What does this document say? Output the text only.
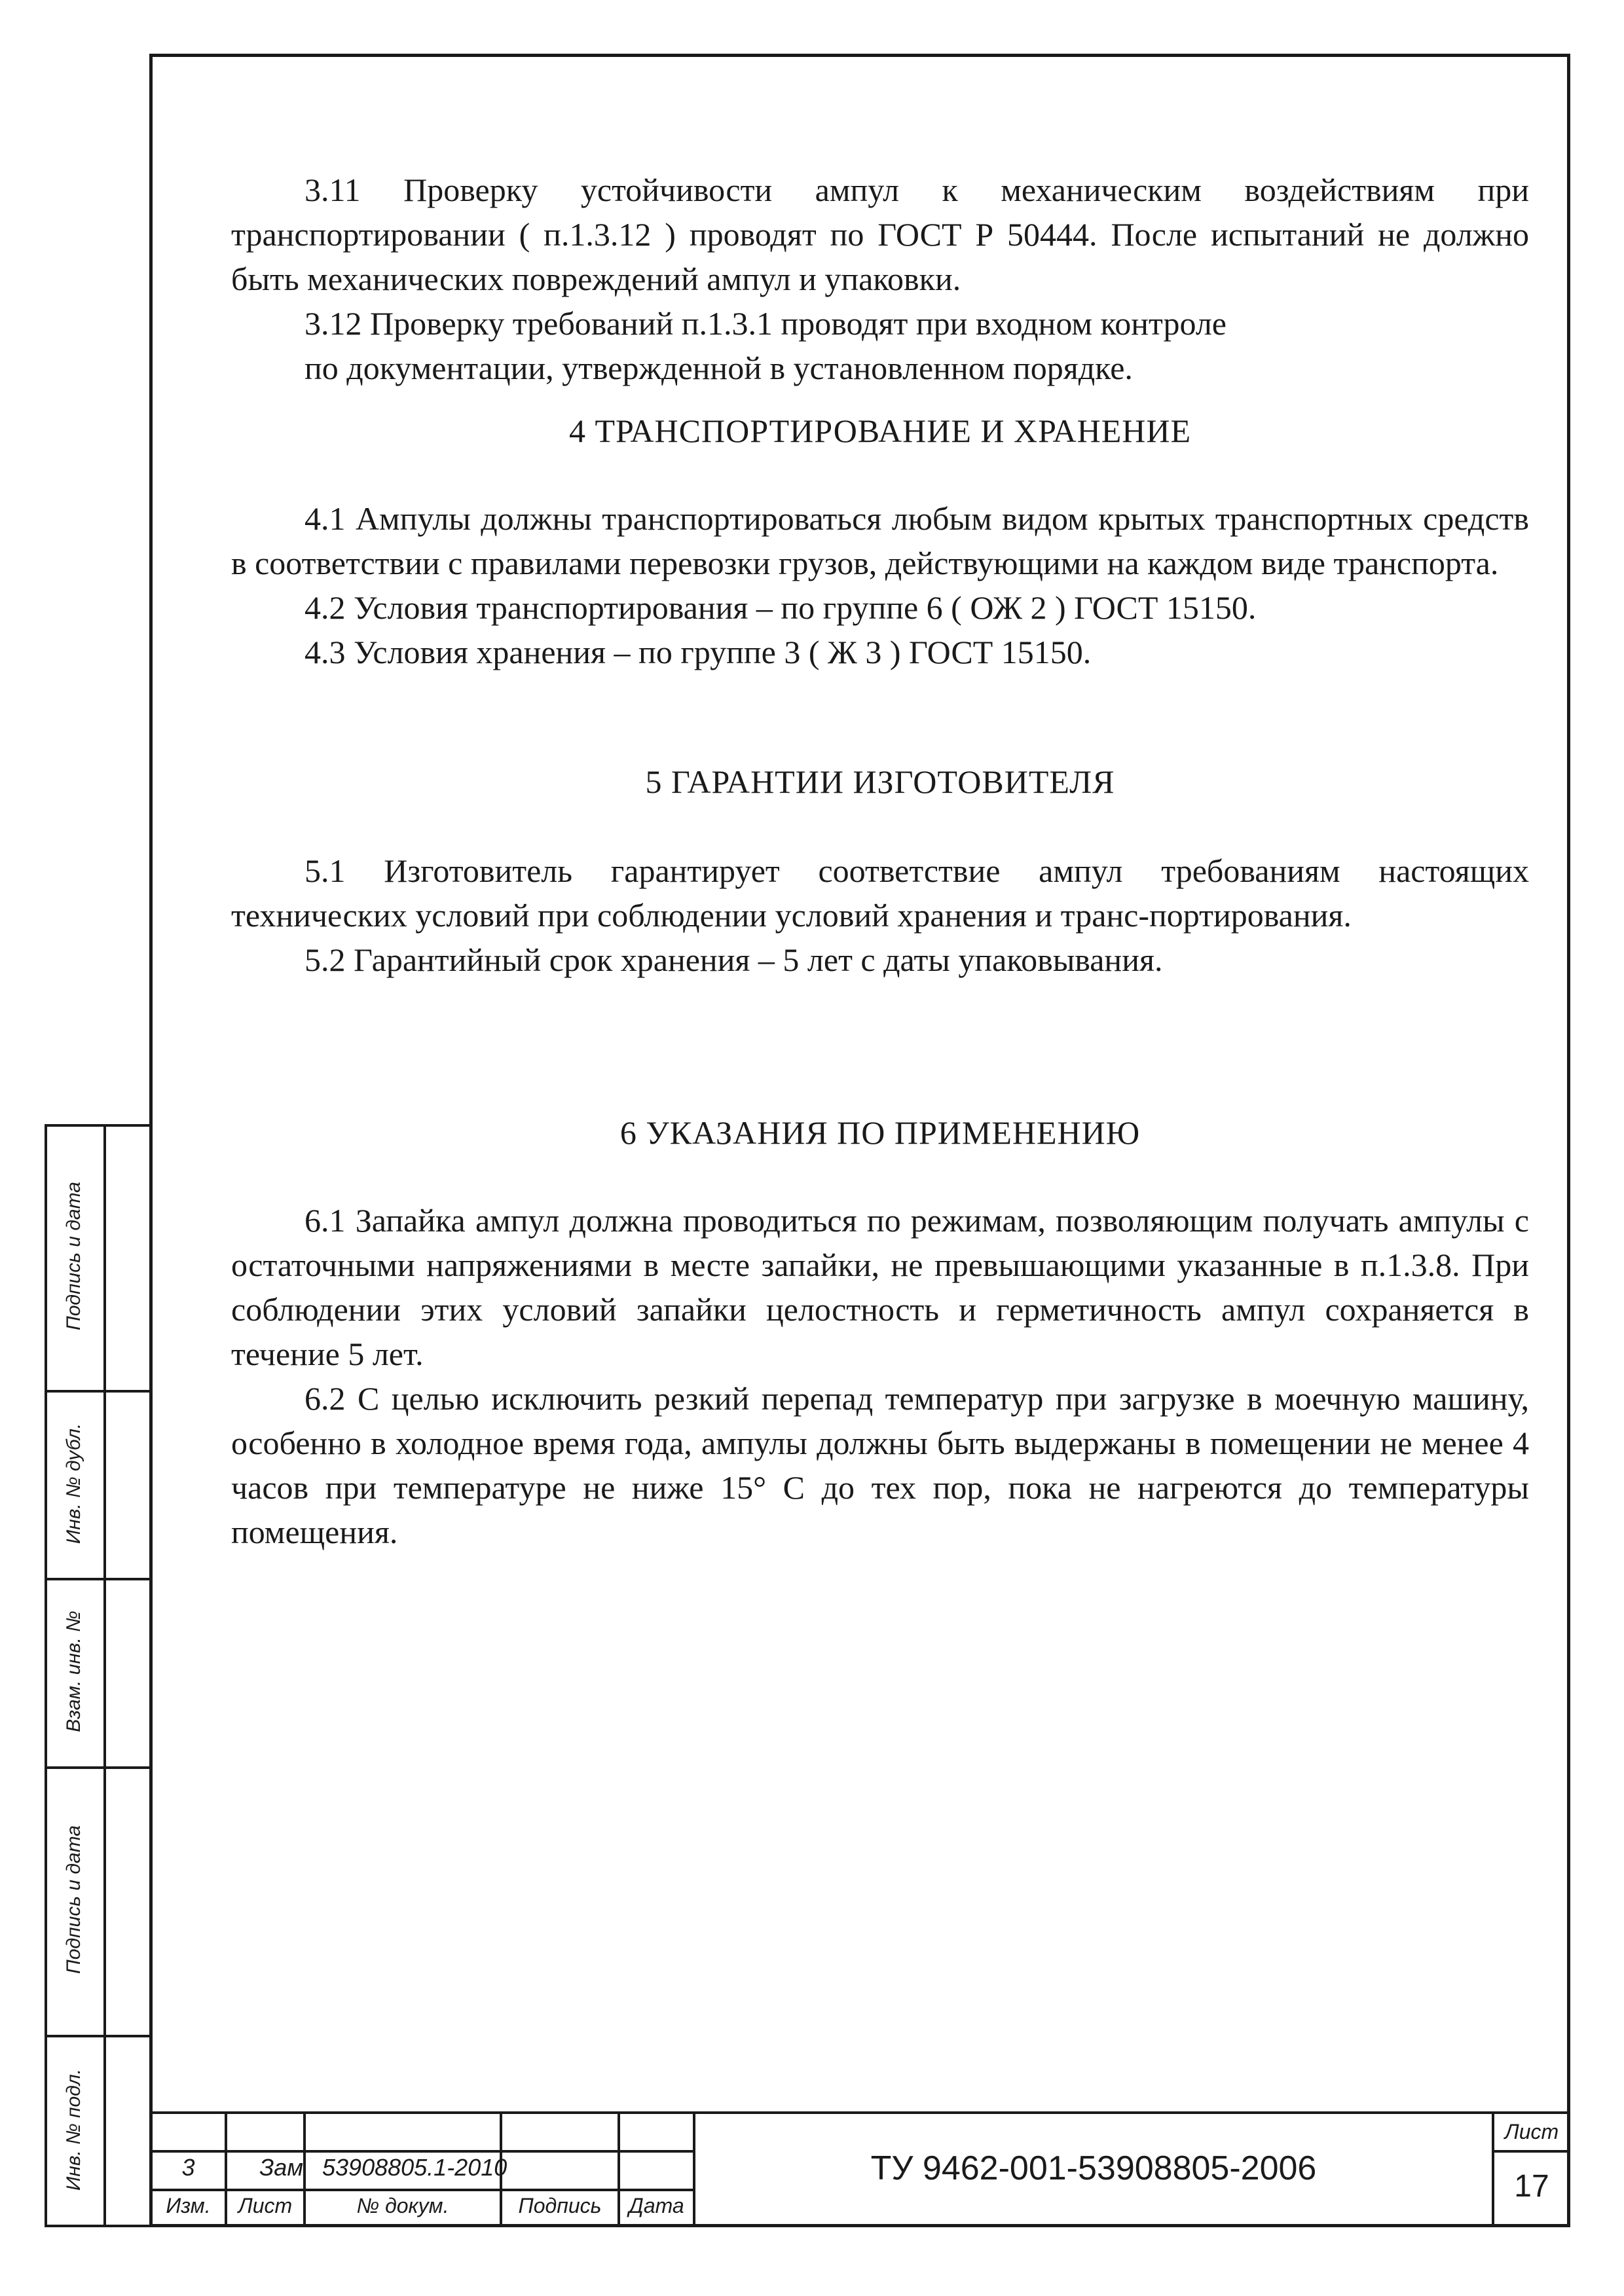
Подпись и дата
Инв. № дубл.
Взам. инв. №
Подпись и дата
Инв. № подл.

3.11 Проверку устойчивости ампул к механическим воздействиям при транспортировании ( п.1.3.12 ) проводят по ГОСТ Р 50444. После испытаний не должно быть механических повреждений ампул и упаковки.

3.12 Проверку требований п.1.3.1 проводят при входном контроле

по документации, утвержденной в установленном порядке.

4 ТРАНСПОРТИРОВАНИЕ И ХРАНЕНИЕ

4.1 Ампулы должны транспортироваться любым видом крытых транспортных средств в соответствии с правилами перевозки грузов, действующими на каждом виде транспорта.

4.2 Условия транспортирования – по группе 6 ( ОЖ 2 ) ГОСТ 15150.

4.3 Условия хранения – по группе 3 ( Ж 3 ) ГОСТ 15150.

5 ГАРАНТИИ ИЗГОТОВИТЕЛЯ

5.1 Изготовитель гарантирует соответствие ампул требованиям настоящих технических условий при соблюдении условий хранения и транс-портирования.

5.2 Гарантийный срок хранения – 5 лет с даты упаковывания.

6 УКАЗАНИЯ ПО ПРИМЕНЕНИЮ

6.1 Запайка ампул должна проводиться по режимам, позволяющим получать ампулы с остаточными напряжениями в месте запайки, не превышающими указанные в п.1.3.8. При соблюдении этих условий запайки целостность и герметичность ампул сохраняется в течение 5 лет.

6.2 С целью исключить резкий перепад температур при загрузке в моечную машину, особенно в холодное время года, ампулы должны быть выдержаны в помещении не менее 4 часов при температуре не ниже 15° С до тех пор, пока не нагреются до температуры помещения.

3	Зам 53908805.1-2010
Изм.	Лист	№ докум.	Подпись	Дата
ТУ 9462-001-53908805-2006
Лист
17
